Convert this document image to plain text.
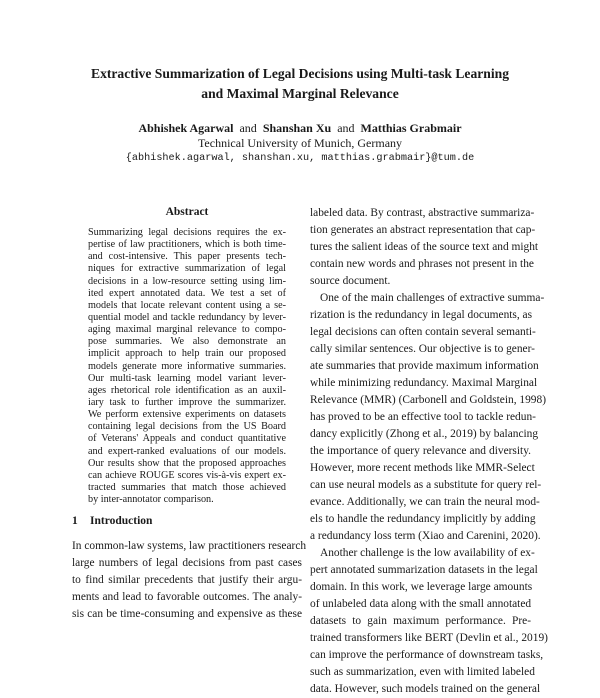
Extractive Summarization of Legal Decisions using Multi-task Learning
and Maximal Marginal Relevance
Abhishek Agarwal and Shanshan Xu and Matthias Grabmair
Technical University of Munich, Germany
{abhishek.agarwal, shanshan.xu, matthias.grabmair}@tum.de
Abstract
Summarizing legal decisions requires the ex-
pertise of law practitioners, which is both time-
and cost-intensive. This paper presents tech-
niques for extractive summarization of legal
decisions in a low-resource setting using lim-
ited expert annotated data. We test a set of
models that locate relevant content using a se-
quential model and tackle redundancy by lever-
aging maximal marginal relevance to compo-
pose summaries. We also demonstrate an
implicit approach to help train our proposed
models generate more informative summaries.
Our multi-task learning model variant lever-
ages rhetorical role identification as an auxil-
iary task to further improve the summarizer.
We perform extensive experiments on datasets
containing legal decisions from the US Board
of Veterans' Appeals and conduct quantitative
and expert-ranked evaluations of our models.
Our results show that the proposed approaches
can achieve ROUGE scores vis-à-vis expert ex-
tracted summaries that match those achieved
by inter-annotator comparison.
1 Introduction
In common-law systems, law practitioners research
large numbers of legal decisions from past cases
to find similar precedents that justify their argu-
ments and lead to favorable outcomes. The analy-
sis can be time-consuming and expensive as these
labeled data. By contrast, abstractive summariza-
tion generates an abstract representation that cap-
tures the salient ideas of the source text and might
contain new words and phrases not present in the
source document.
One of the main challenges of extractive summa-
rization is the redundancy in legal documents, as
legal decisions can often contain several semanti-
cally similar sentences. Our objective is to gener-
ate summaries that provide maximum information
while minimizing redundancy. Maximal Marginal
Relevance (MMR) (Carbonell and Goldstein, 1998)
has proved to be an effective tool to tackle redun-
dancy explicitly (Zhong et al., 2019) by balancing
the importance of query relevance and diversity.
However, more recent methods like MMR-Select
can use neural models as a substitute for query rel-
evance. Additionally, we can train the neural mod-
els to handle the redundancy implicitly by adding
a redundancy loss term (Xiao and Carenini, 2020).
Another challenge is the low availability of ex-
pert annotated summarization datasets in the legal
domain. In this work, we leverage large amounts
of unlabeled data along with the small annotated
datasets to gain maximum performance. Pre-
trained transformers like BERT (Devlin et al., 2019)
can improve the performance of downstream tasks,
such as summarization, even with limited labeled
data. However, such models trained on the general
